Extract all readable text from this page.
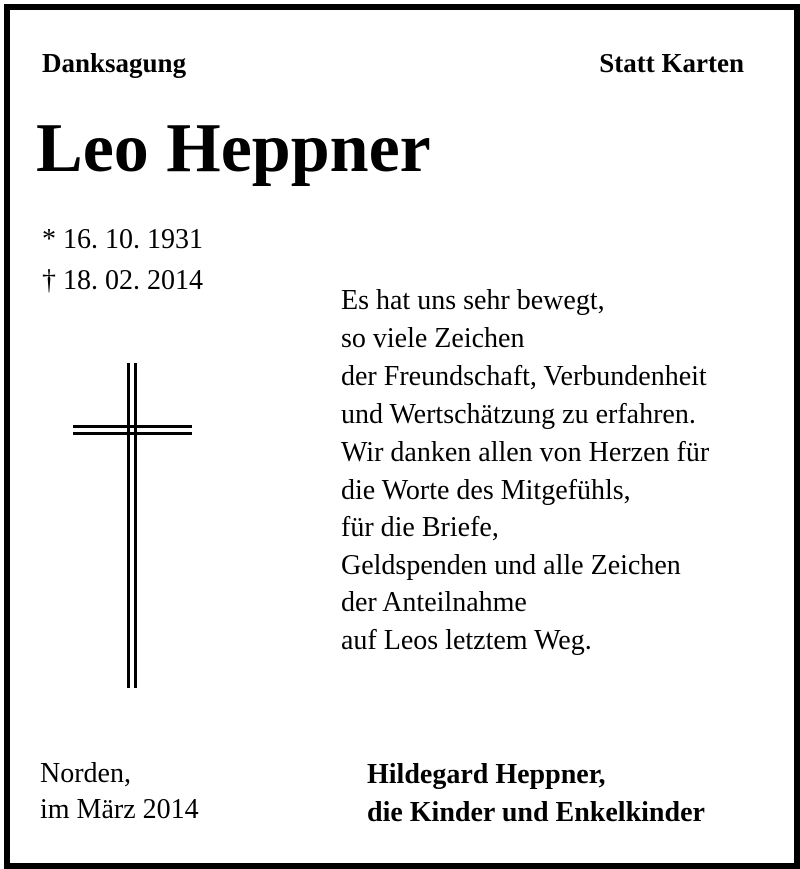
Danksagung	Statt Karten
Leo Heppner
* 16. 10. 1931
† 18. 02. 2014
Es hat uns sehr bewegt,
so viele Zeichen
der Freundschaft, Verbundenheit
und Wertschätzung zu erfahren.
Wir danken allen von Herzen für
die Worte des Mitgefühls,
für die Briefe,
Geldspenden und alle Zeichen
der Anteilnahme
auf Leos letztem Weg.
Norden,
im März 2014
Hildegard Heppner,
die Kinder und Enkelkinder
